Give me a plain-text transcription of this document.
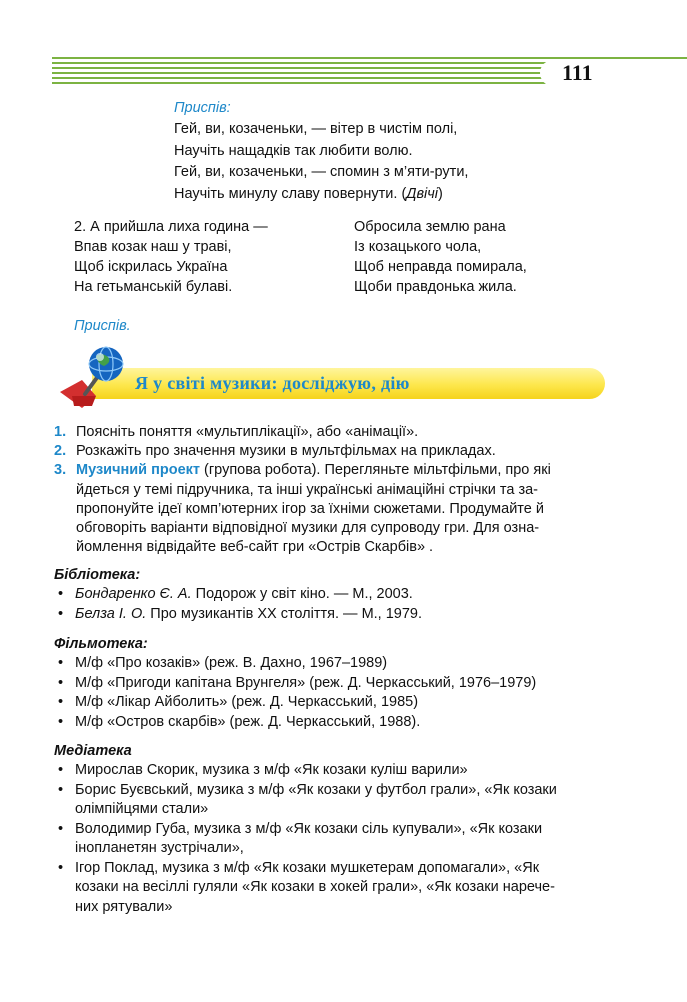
111
Приспів:
Гей, ви, козаченьки, — вітер в чистім полі,
Научіть нащадків так любити волю.
Гей, ви, козаченьки, — спомин з м’яти-рути,
Научіть минулу славу повернути. (Двічі)
2. А прийшла лиха година —
Впав козак наш у траві,
Щоб іскрилась Україна
На гетьманській булаві.
Обросила землю рана
Із козацького чола,
Щоб неправда помирала,
Щоби правдонька жила.
Приспів.
Я у світі музики: досліджую, дію
1. Поясніть поняття «мультиплікації», або «анімації».
2. Розкажіть про значення музики в мультфільмах на прикладах.
3. Музичний проект (групова робота). Перегляньте мільтфільми, про які
йдеться у темі підручника, та інші українські анімаційні стрічки та за-
пропонуйте ідеї комп’ютерних ігор за їхніми сюжетами. Продумайте й
обговоріть варіанти відповідної музики для супроводу гри. Для озна-
йомлення відвідайте веб-сайт гри «Острів Скарбів» .
Бібліотека:
• Бондаренко Є. А. Подорож у світ кіно. — М., 2003.
• Белза І. О. Про музикантів XX століття. — М., 1979.
Фільмотека:
• М/ф «Про козаків» (реж. В. Дахно, 1967–1989)
• М/ф «Пригоди капітана Врунгеля» (реж. Д. Черкасський, 1976–1979)
• М/ф «Лікар Айболить» (реж. Д. Черкасський, 1985)
• М/ф «Остров скарбів» (реж. Д. Черкасський, 1988).
Медіатека
• Мирослав Скорик, музика з м/ф «Як козаки куліш варили»
• Борис Буєвський, музика з м/ф «Як козаки у футбол грали», «Як козаки
олімпійцями стали»
• Володимир Губа, музика з м/ф «Як козаки сіль купували», «Як козаки
інопланетян зустрічали»,
• Ігор Поклад, музика з м/ф «Як козаки мушкетерам допомагали», «Як
козаки на весіллі гуляли «Як козаки в хокей грали», «Як козаки нарече-
них рятували»
